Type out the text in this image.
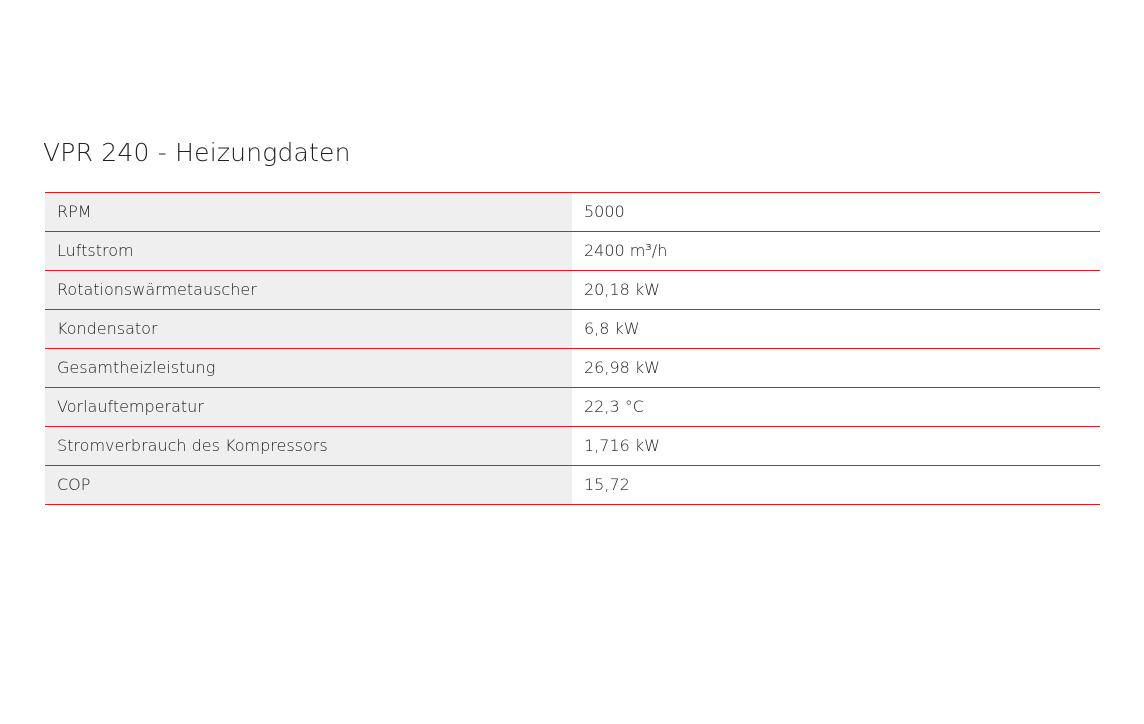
VPR 240 - Heizungdaten
RPM	5000
Luftstrom	2400 m³/h
Rotationswärmetauscher	20,18 kW
Kondensator	6,8 kW
Gesamtheizleistung	26,98 kW
Vorlauftemperatur	22,3 °C
Stromverbrauch des Kompressors	1,716 kW
COP	15,72
